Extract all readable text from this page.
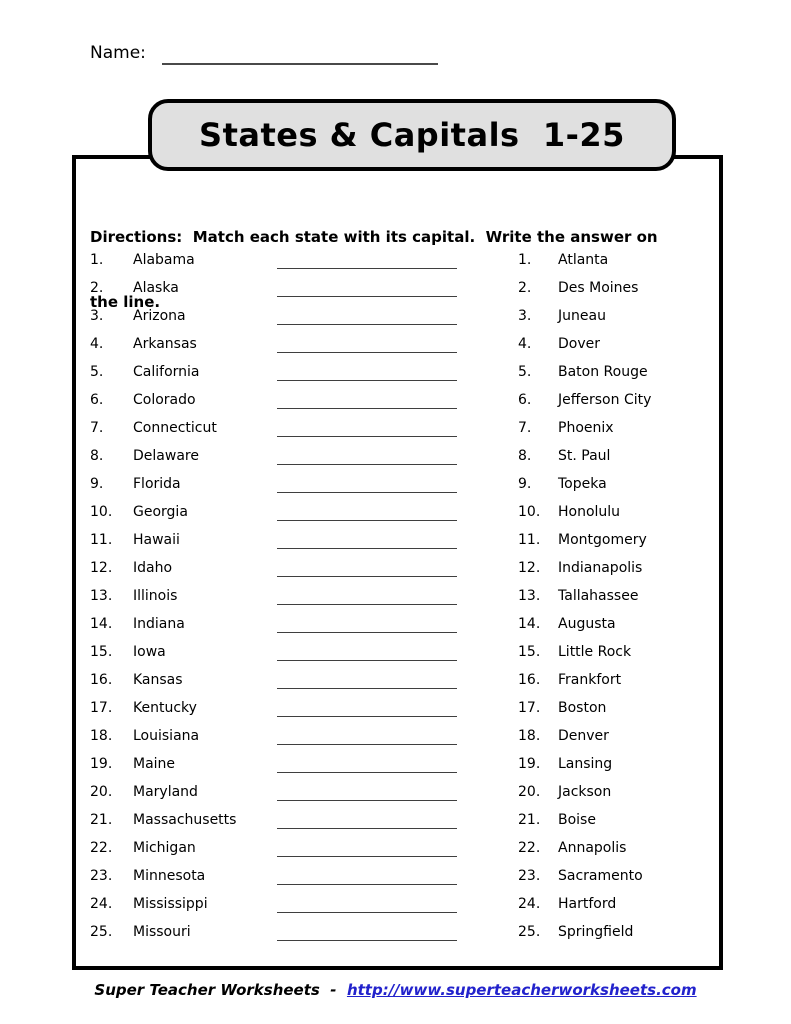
Name:
States & Capitals  1-25

Directions:  Match each state with its capital.  Write the answer on

the line.

1. Alabama
2. Alaska
3. Arizona
4. Arkansas
5. California
6. Colorado
7. Connecticut
8. Delaware
9. Florida
10. Georgia
11. Hawaii
12. Idaho
13. Illinois
14. Indiana
15. Iowa
16. Kansas
17. Kentucky
18. Louisiana
19. Maine
20. Maryland
21. Massachusetts
22. Michigan
23. Minnesota
24. Mississippi
25. Missouri
1. Atlanta
2. Des Moines
3. Juneau
4. Dover
5. Baton Rouge
6. Jefferson City
7. Phoenix
8. St. Paul
9. Topeka
10. Honolulu
11. Montgomery
12. Indianapolis
13. Tallahassee
14. Augusta
15. Little Rock
16. Frankfort
17. Boston
18. Denver
19. Lansing
20. Jackson
21. Boise
22. Annapolis
23. Sacramento
24. Hartford
25. Springfield
Super Teacher Worksheets  -  http://www.superteacherworksheets.com
